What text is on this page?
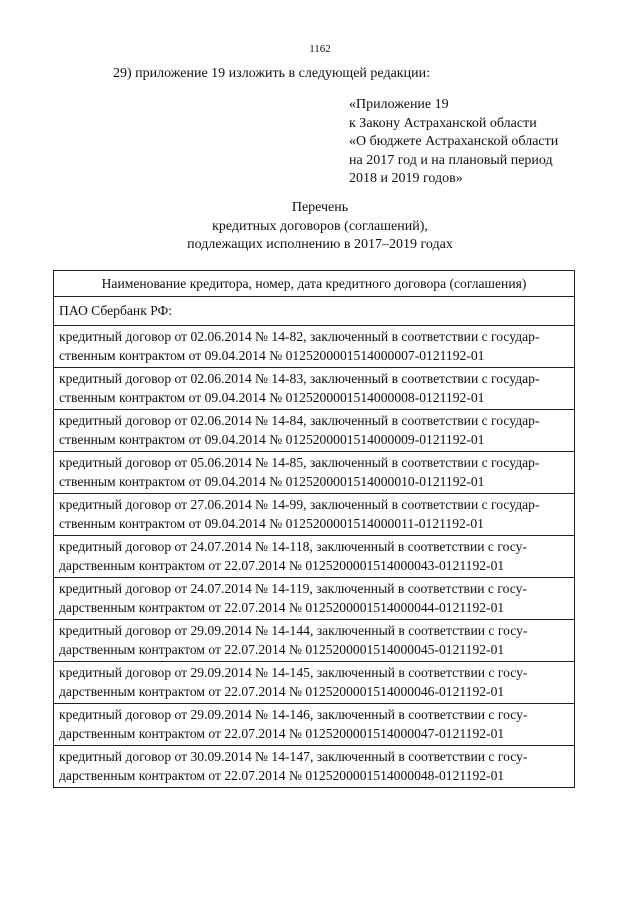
1162
29) приложение 19 изложить в следующей редакции:
«Приложение 19
к Закону Астраханской области
«О бюджете Астраханской области
на 2017 год и на плановый период
2018 и 2019 годов»
Перечень
кредитных договоров (соглашений),
подлежащих исполнению в 2017–2019 годах
Наименование кредитора, номер, дата кредитного договора (соглашения)
ПАО Сбербанк РФ:

кредитный договор от 02.06.2014 № 14-82, заключенный в соответствии с государ-
ственным контрактом от 09.04.2014 № 0125200001514000007-0121192-01

кредитный договор от 02.06.2014 № 14-83, заключенный в соответствии с государ-
ственным контрактом от 09.04.2014 № 0125200001514000008-0121192-01

кредитный договор от 02.06.2014 № 14-84, заключенный в соответствии с государ-
ственным контрактом от 09.04.2014 № 0125200001514000009-0121192-01

кредитный договор от 05.06.2014 № 14-85, заключенный в соответствии с государ-
ственным контрактом от 09.04.2014 № 0125200001514000010-0121192-01

кредитный договор от 27.06.2014 № 14-99, заключенный в соответствии с государ-
ственным контрактом от 09.04.2014 № 0125200001514000011-0121192-01

кредитный договор от 24.07.2014 № 14-118, заключенный в соответствии с госу-
дарственным контрактом от 22.07.2014 № 0125200001514000043-0121192-01

кредитный договор от 24.07.2014 № 14-119, заключенный в соответствии с госу-
дарственным контрактом от 22.07.2014 № 0125200001514000044-0121192-01

кредитный договор от 29.09.2014 № 14-144, заключенный в соответствии с госу-
дарственным контрактом от 22.07.2014 № 0125200001514000045-0121192-01

кредитный договор от 29.09.2014 № 14-145, заключенный в соответствии с госу-
дарственным контрактом от 22.07.2014 № 0125200001514000046-0121192-01

кредитный договор от 29.09.2014 № 14-146, заключенный в соответствии с госу-
дарственным контрактом от 22.07.2014 № 0125200001514000047-0121192-01

кредитный договор от 30.09.2014 № 14-147, заключенный в соответствии с госу-
дарственным контрактом от 22.07.2014 № 0125200001514000048-0121192-01
